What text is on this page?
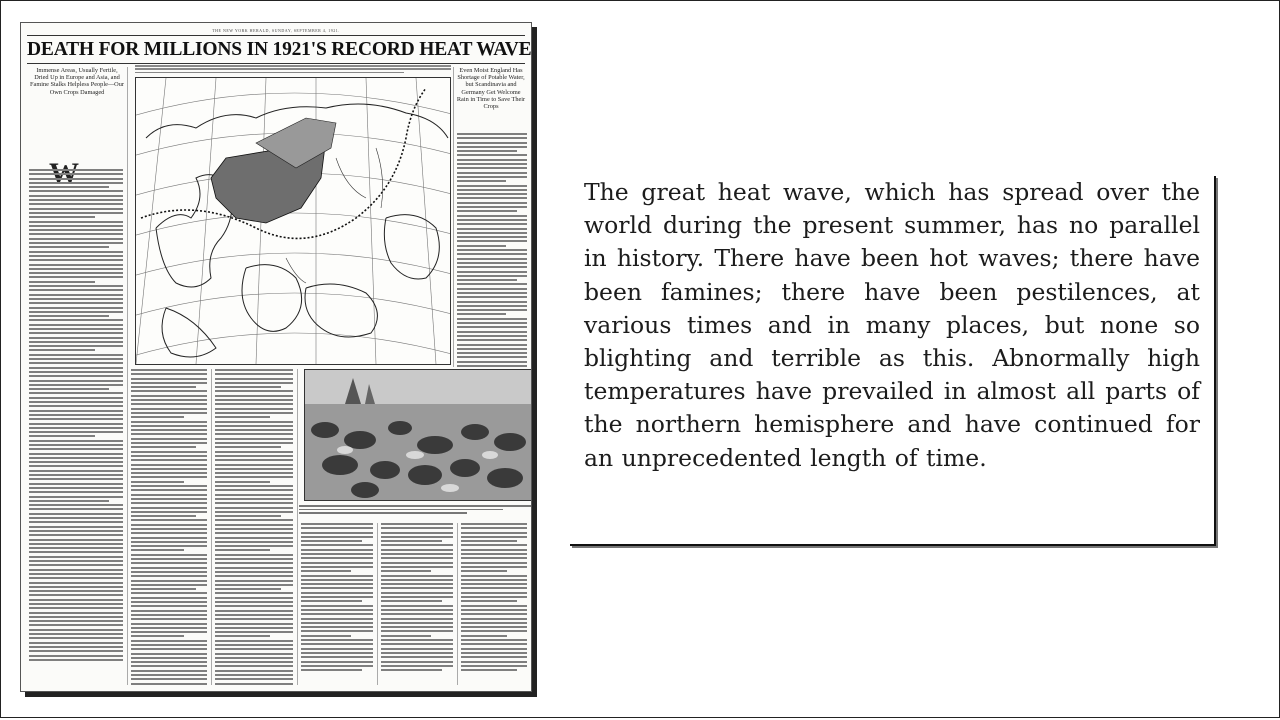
THE NEW YORK HERALD, SUNDAY, SEPTEMBER 4, 1921.
DEATH FOR MILLIONS IN 1921'S RECORD HEAT WAVE
Immense Areas, Usually Fertile, Dried Up in Europe and Asia, and Famine Stalks Helpless People—Our Own Crops Damaged
Even Moist England Has Shortage of Potable Water, but Scandinavia and Germany Get Welcome Rain in Time to Save Their Crops
The great heat wave, which has spread over the world during the present summer, has no parallel in history. There have been hot waves; there have been famines; there have been pestilences, at various times and in many places, but none so blighting and terrible as this. Abnormally high temperatures have prevailed in almost all parts of the northern hemisphere and have continued for an unprecedented length of time.
